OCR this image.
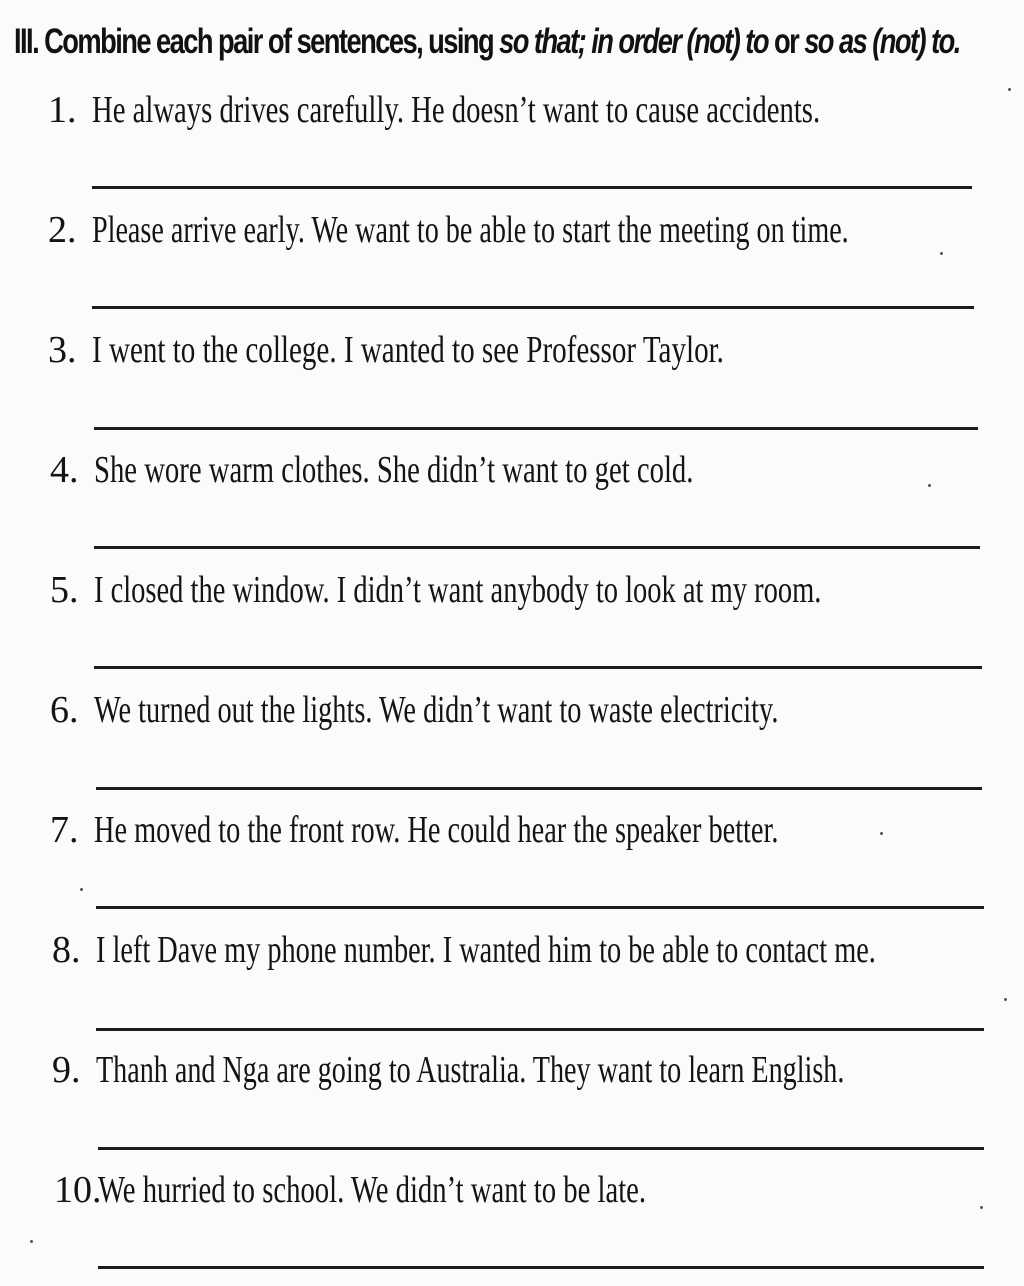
III. Combine each pair of sentences, using so that; in order (not) to or so as (not) to.
1. He always drives carefully. He doesn’t want to cause accidents.
2. Please arrive early. We want to be able to start the meeting on time.
3. I went to the college. I wanted to see Professor Taylor.
4. She wore warm clothes. She didn’t want to get cold.
5. I closed the window. I didn’t want anybody to look at my room.
6. We turned out the lights. We didn’t want to waste electricity.
7. He moved to the front row. He could hear the speaker better.
8. I left Dave my phone number. I wanted him to be able to contact me.
9. Thanh and Nga are going to Australia. They want to learn English.
10.
We hurried to school. We didn’t want to be late.
